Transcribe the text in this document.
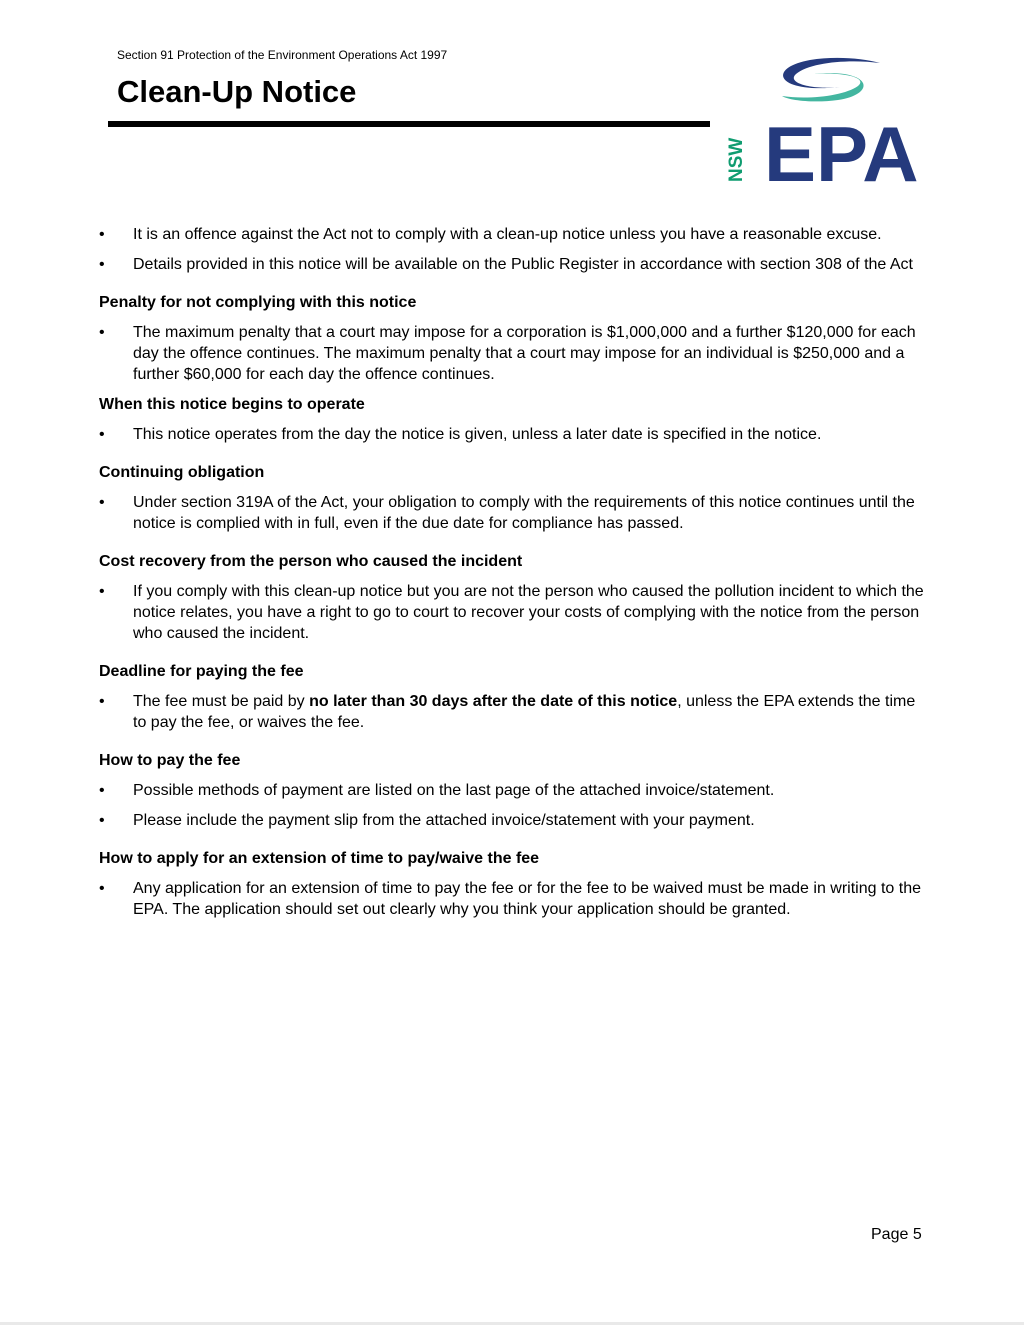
Section 91 Protection of the Environment Operations Act 1997
Clean-Up Notice
NSW EPA
• It is an offence against the Act not to comply with a clean-up notice unless you have a reasonable excuse.
• Details provided in this notice will be available on the Public Register in accordance with section 308 of the Act
Penalty for not complying with this notice
• The maximum penalty that a court may impose for a corporation is $1,000,000 and a further $120,000 for each day the offence continues. The maximum penalty that a court may impose for an individual is $250,000 and a further $60,000 for each day the offence continues.
When this notice begins to operate
• This notice operates from the day the notice is given, unless a later date is specified in the notice.
Continuing obligation
• Under section 319A of the Act, your obligation to comply with the requirements of this notice continues until the notice is complied with in full, even if the due date for compliance has passed.
Cost recovery from the person who caused the incident
• If you comply with this clean-up notice but you are not the person who caused the pollution incident to which the notice relates, you have a right to go to court to recover your costs of complying with the notice from the person who caused the incident.
Deadline for paying the fee
• The fee must be paid by no later than 30 days after the date of this notice, unless the EPA extends the time to pay the fee, or waives the fee.
How to pay the fee
• Possible methods of payment are listed on the last page of the attached invoice/statement.
• Please include the payment slip from the attached invoice/statement with your payment.
How to apply for an extension of time to pay/waive the fee
• Any application for an extension of time to pay the fee or for the fee to be waived must be made in writing to the EPA. The application should set out clearly why you think your application should be granted.
Page 5
